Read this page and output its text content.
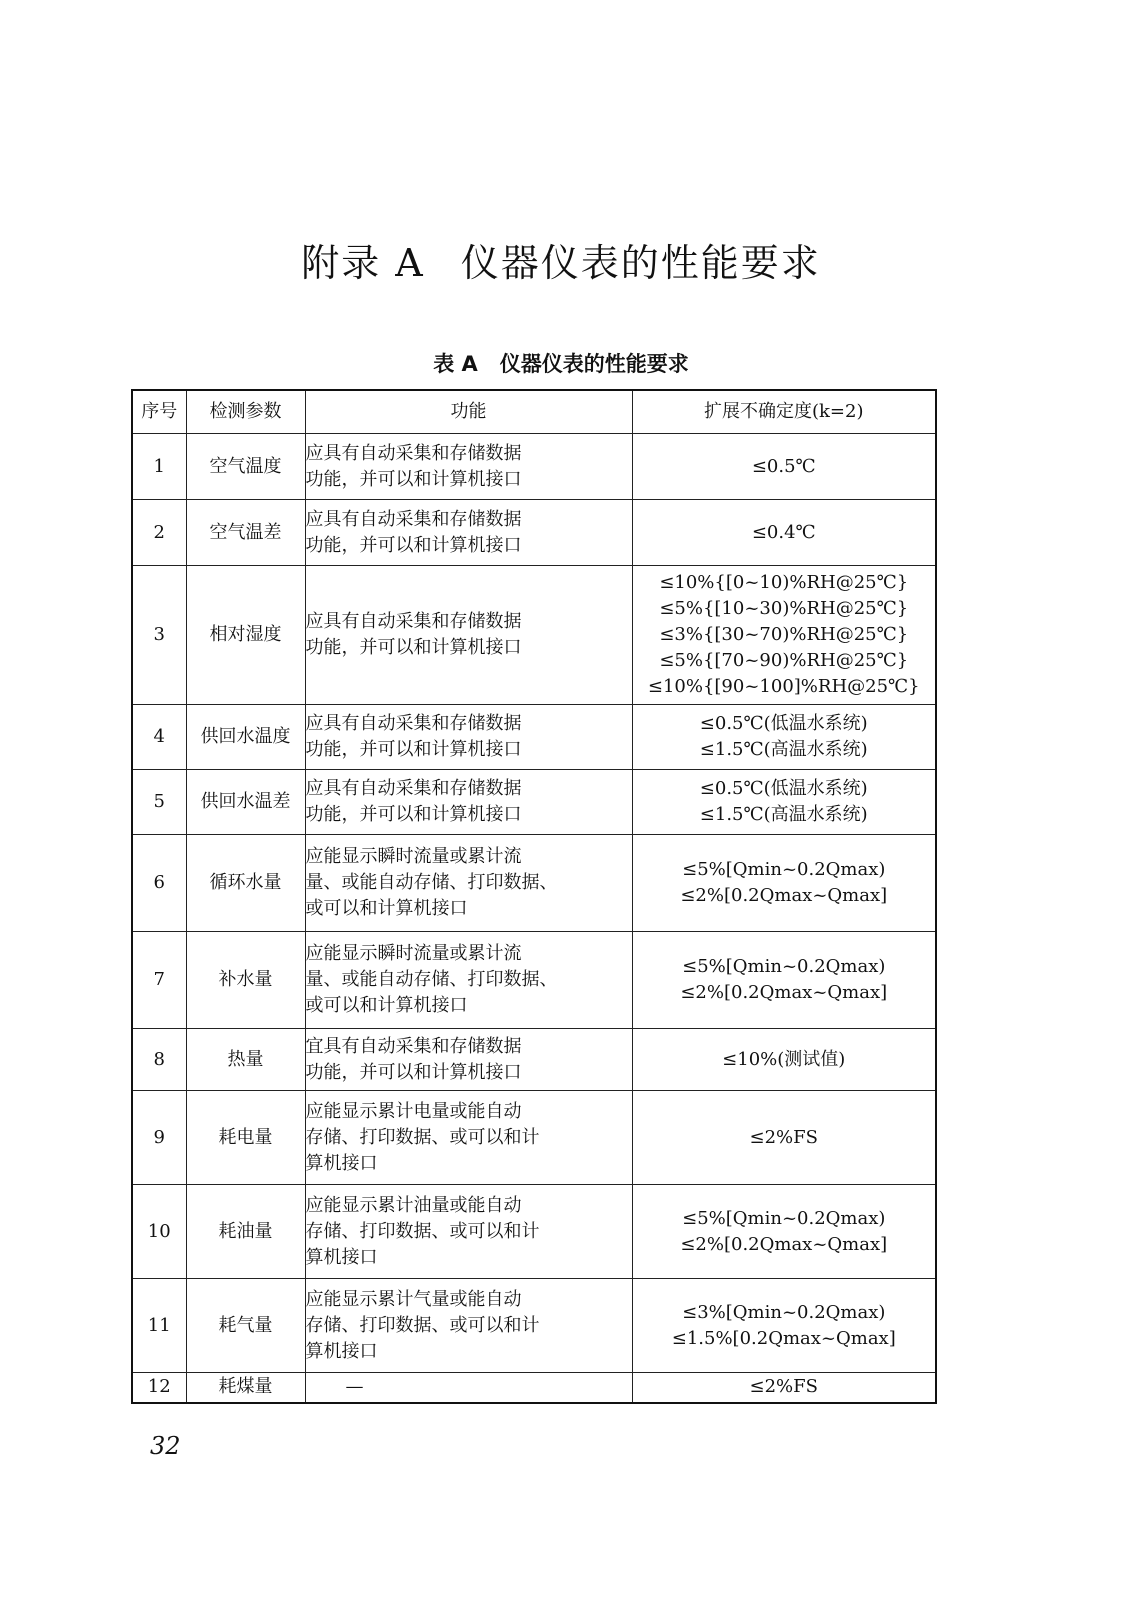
附录 A 仪器仪表的性能要求
表 A 仪器仪表的性能要求
序号	检测参数	功能	扩展不确定度(k=2)
1	空气温度	应具有自动采集和存储数据
功能，并可以和计算机接口	≤0.5℃

2	空气温差	应具有自动采集和存储数据
功能，并可以和计算机接口	≤0.4℃

3	相对湿度	应具有自动采集和存储数据
功能，并可以和计算机接口	≤10%{[0~10)%RH@25℃}
≤5%{[10~30)%RH@25℃}
≤3%{[30~70)%RH@25℃}
≤5%{[70~90)%RH@25℃}
≤10%{[90~100]%RH@25℃}

4	供回水温度	应具有自动采集和存储数据
功能，并可以和计算机接口	≤0.5℃(低温水系统)
≤1.5℃(高温水系统)

5	供回水温差	应具有自动采集和存储数据
功能，并可以和计算机接口	≤0.5℃(低温水系统)
≤1.5℃(高温水系统)

6	循环水量	应能显示瞬时流量或累计流
量、或能自动存储、打印数据、
或可以和计算机接口	≤5%[Qmin~0.2Qmax)
≤2%[0.2Qmax~Qmax]

7	补水量	应能显示瞬时流量或累计流
量、或能自动存储、打印数据、
或可以和计算机接口	≤5%[Qmin~0.2Qmax)
≤2%[0.2Qmax~Qmax]

8	热量	宜具有自动采集和存储数据
功能，并可以和计算机接口	≤10%(测试值)

9	耗电量	应能显示累计电量或能自动
存储、打印数据、或可以和计
算机接口	≤2%FS

10	耗油量	应能显示累计油量或能自动
存储、打印数据、或可以和计
算机接口	≤5%[Qmin~0.2Qmax)
≤2%[0.2Qmax~Qmax]

11	耗气量	应能显示累计气量或能自动
存储、打印数据、或可以和计
算机接口	≤3%[Qmin~0.2Qmax)
≤1.5%[0.2Qmax~Qmax]

12	耗煤量	—	≤2%FS
32
